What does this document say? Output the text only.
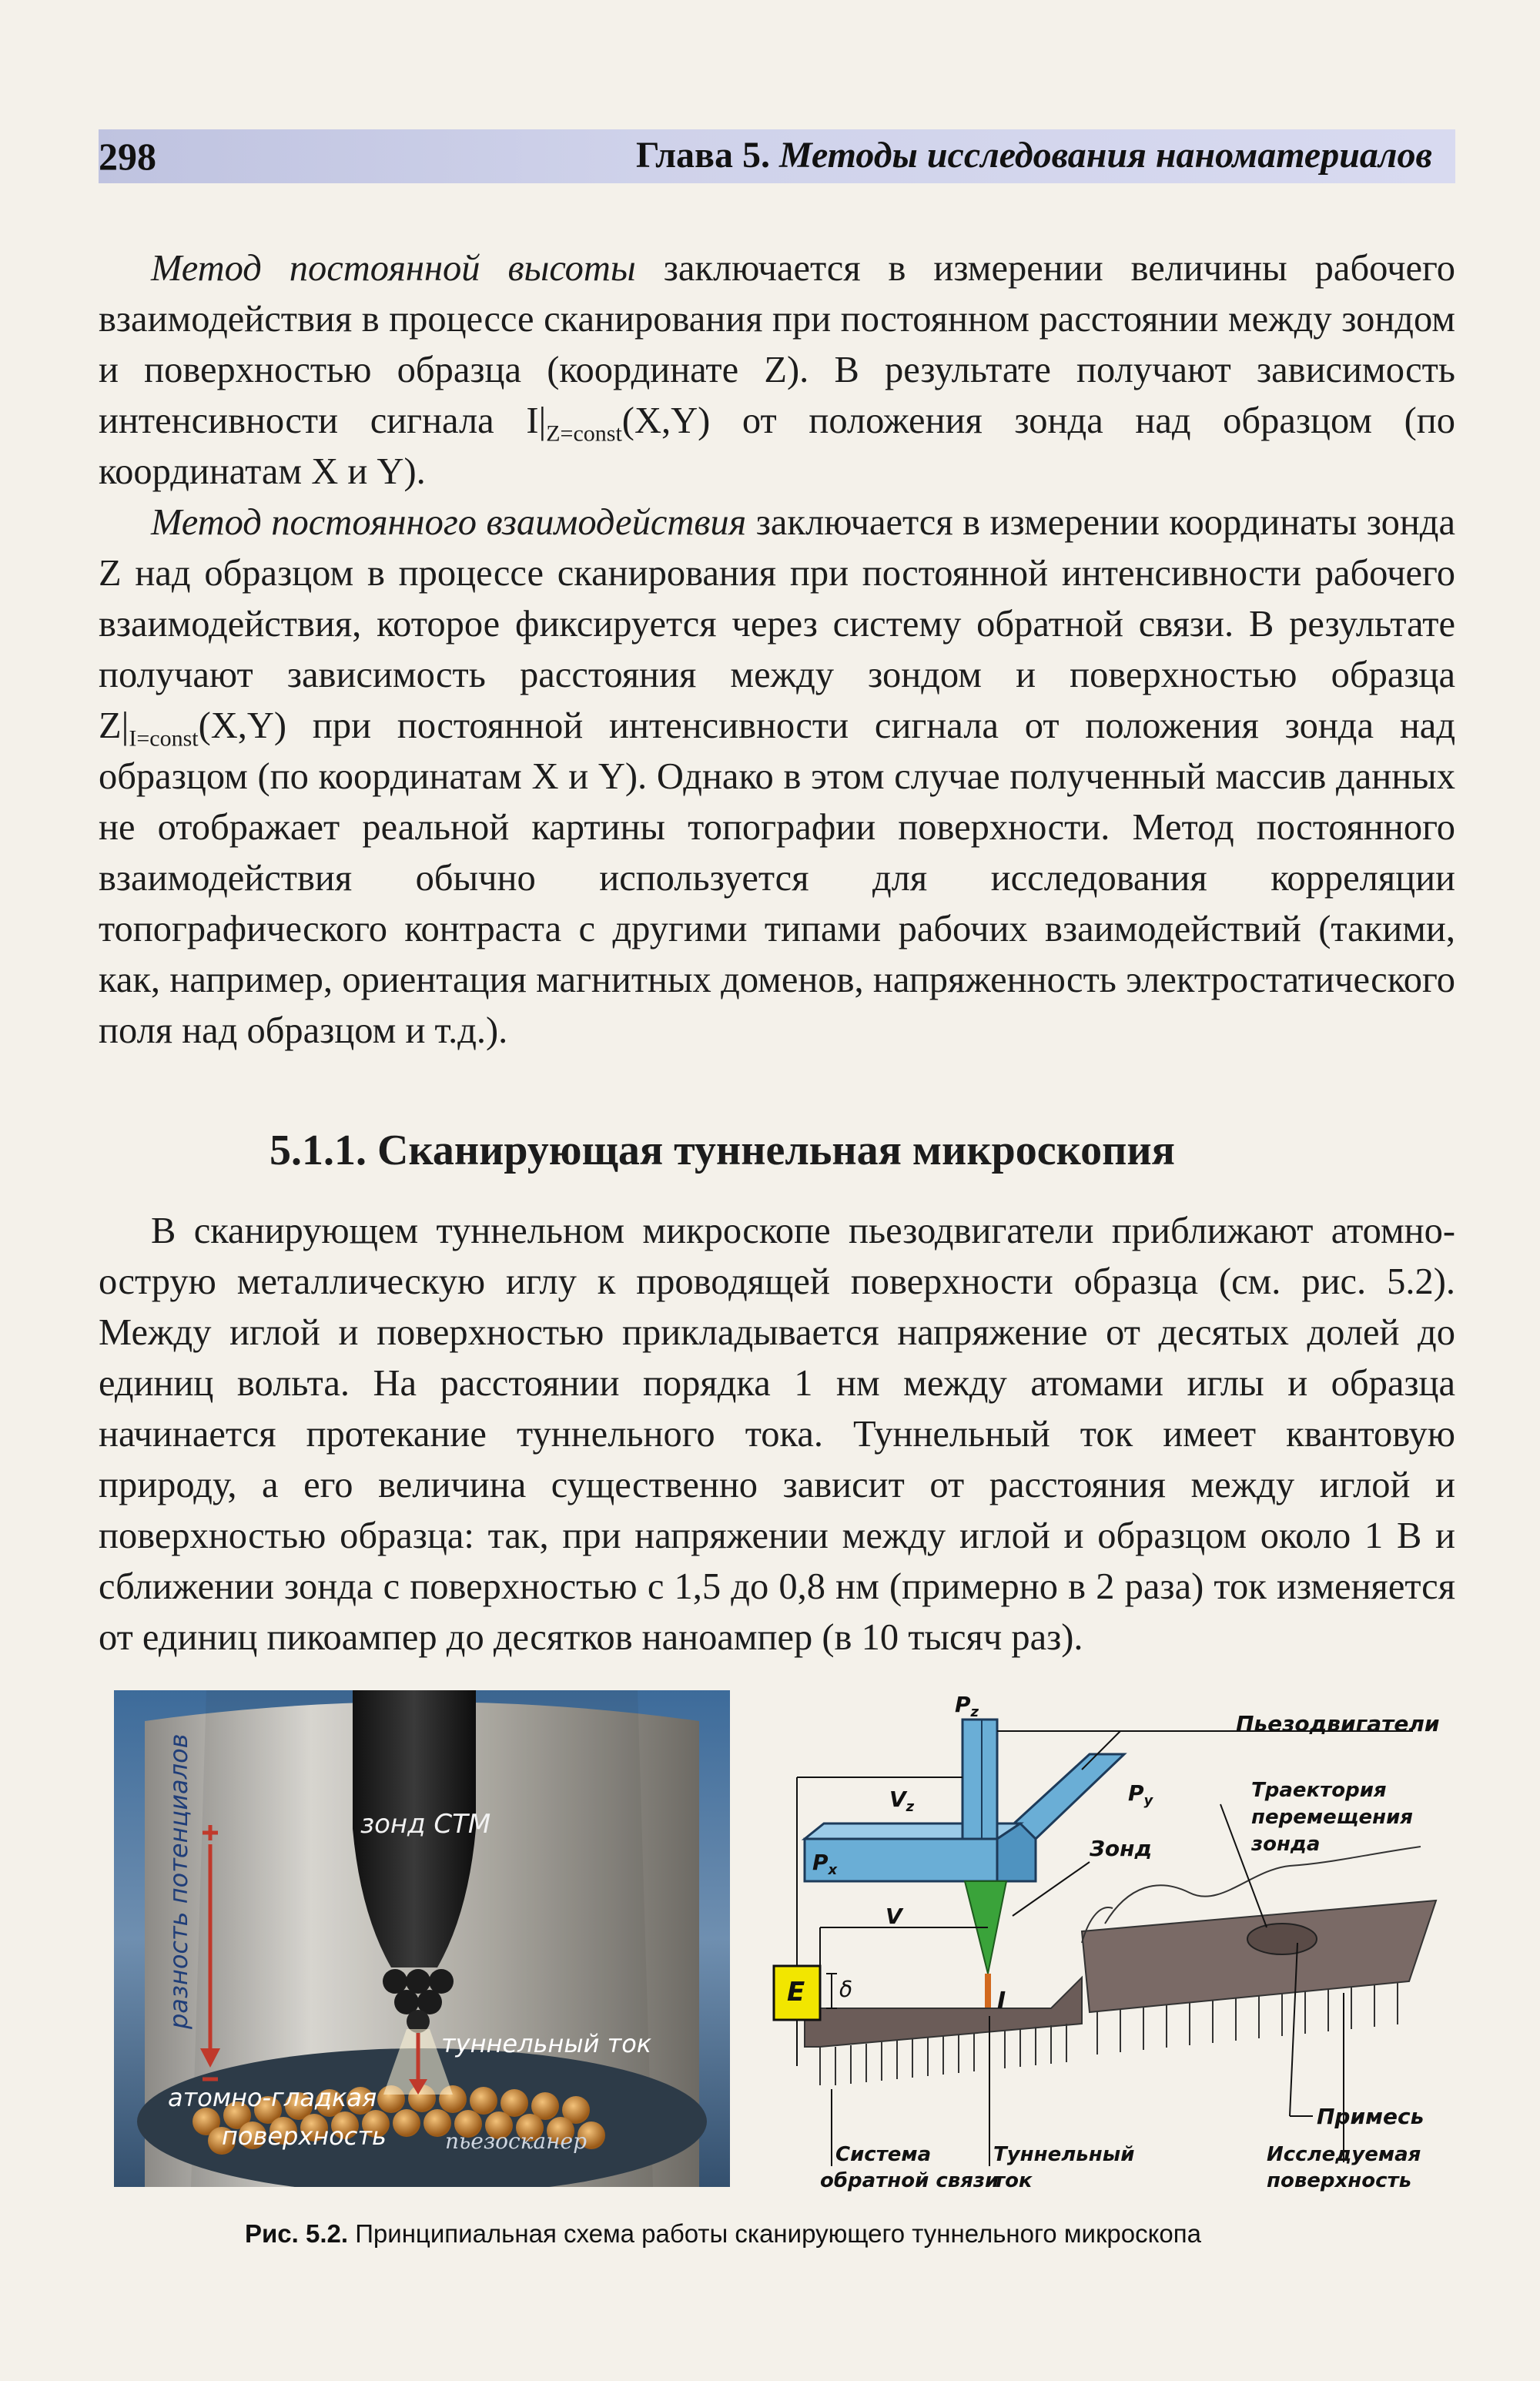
298	Глава 5. Методы исследования наноматериалов

Метод постоянной высоты заключается в измерении величины рабочего взаимодействия в процессе сканирования при постоянном расстоянии между зондом и поверхностью образца (координате Z). В результате получают зависимость интенсивности сигнала $I|_{Z=const}(X,Y)$ от положения зонда над образцом (по координатам X и Y).

Метод постоянного взаимодействия заключается в измерении координаты зонда Z над образцом в процессе сканирования при постоянной интенсивности рабочего взаимодействия, которое фиксируется через систему обратной связи. В результате получают зависимость расстояния между зондом и поверхностью образца $Z|_{I=const}(X,Y)$ при постоянной интенсивности сигнала от положения зонда над образцом (по координатам X и Y). Однако в этом случае полученный массив данных не отображает реальной картины топографии поверхности. Метод постоянного взаимодействия обычно используется для исследования корреляции топографического контраста с другими типами рабочих взаимодействий (такими, как, например, ориентация магнитных доменов, напряженность электростатического поля над образцом и т.д.).

5.1.1. Сканирующая туннельная микроскопия

В сканирующем туннельном микроскопе пьезодвигатели приближают атомно-острую металлическую иглу к проводящей поверхности образца (см. рис. 5.2). Между иглой и поверхностью прикладывается напряжение от десятых долей до единиц вольта. На расстоянии порядка 1 нм между атомами иглы и образца начинается протекание туннельного тока. Туннельный ток имеет квантовую природу, а его величина существенно зависит от расстояния между иглой и поверхностью образца: так, при напряжении между иглой и образцом около 1 В и сближении зонда с поверхностью с 1,5 до 0,8 нм (примерно в 2 раза) ток изменяется от единиц пикоампер до десятков наноампер (в 10 тысяч раз).

зонд СТМ
разность потенциалов
туннельный ток
атомно-гладкая
поверхность	пьезосканер
$P_z$
$P_y$
$P_x$
$V_z$
V
E δ	I
Пьезодвигатели
Траектория
перемещения
зонда
Зонд
Примесь
Система
обратной связи
Туннельный
ток
Исследуемая
поверхность
Рис. 5.2. Принципиальная схема работы сканирующего туннельного микроскопа
